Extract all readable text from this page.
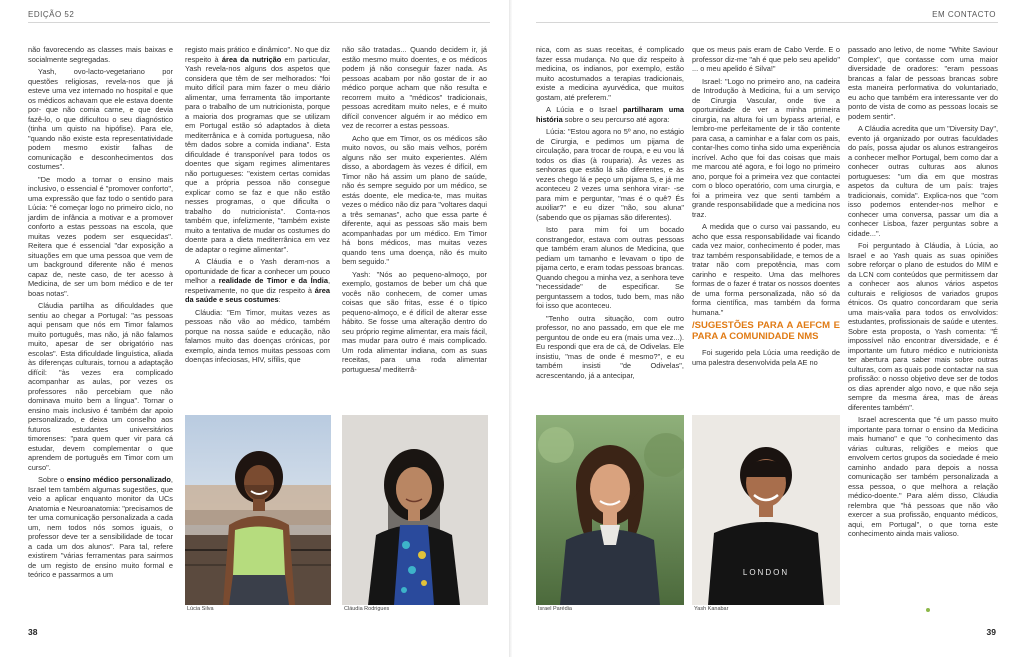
EDIÇÃO 52

não favorecendo as classes mais baixas e socialmente segregadas.

Yash, ovo-lacto-vegetariano por questões religiosas, revela-nos que já esteve uma vez internado no hospital e que os médicos achavam que ele estava doente por- que não comia carne, e que devia fazê-lo, o que dificultou o seu diagnóstico (tinha um quisto na hipófise). Para ele, "quando não existe esta representatividade podem mesmo existir falhas de comunicação e desconhecimentos dos costumes".

"De modo a tornar o ensino mais inclusivo, o essencial é "promover conforto", uma expressão que faz todo o sentido para Lúcia: "é começar logo no primeiro ciclo, no jardim de infância a motivar e a promover conforto a estas pessoas na escola, que muitas vezes podem ser esquecidas". Reitera que é essencial "dar exposição a situações em que uma pessoa que vem de um background diferente não é menos capaz de, neste caso, de ter acesso à Medicina, de ser um bom médico e de ter boas notas".

Cláudia partilha as dificuldades que sentiu ao chegar a Portugal: "as pessoas aqui pensam que nós em Timor falamos muito português, mas não, já não falamos muito, apesar de ser obrigatório nas escolas". Esta dificuldade linguística, aliada às diferenças culturais, tornou a adaptação difícil: "às vezes era complicado acompanhar as aulas, por vezes os professores não percebiam que não dominava muito bem a língua". Tornar o ensino mais inclusivo é também dar apoio personalizado, e deixa um conselho aos futuros estudantes universitários timorenses: "para quem quer vir para cá estudar, devem complementar o que aprendem de português em Timor com um curso".

Sobre o ensino médico personalizado, Israel tem também algumas sugestões, que veio a aplicar enquanto monitor da UCs Anatomia e Neuroanatomia: "precisamos de ter uma comunicação personalizada a cada um, nem todos nós somos iguais, o professor deve ter a sensibilidade de tocar a cada um dos alunos". Para tal, refere existirem "várias ferramentas para sairmos de um registo de ensino muito formal e teórico e passarmos a um

registo mais prático e dinâmico". No que diz respeito à área da nutrição em particular, Yash revela-nos alguns dos aspetos que considera que têm de ser melhorados: "foi muito difícil para mim fazer o meu diário alimentar, uma ferramenta tão importante para o trabalho de um nutricionista, porque a maioria dos programas que se utilizam em Portugal estão só adaptados à dieta mediterrânica e à comida portuguesa, não têm dados sobre a comida indiana". Esta dificuldade é transponível para todos os doentes que sigam regimes alimentares não portugueses: "existem certas comidas que a própria pessoa não consegue explicar como se faz e que não estão nesses programas, o que dificulta o trabalho do nutricionista". Conta-nos também que, infelizmente, "também existe muito a tentativa de mudar os costumes do doente para a dieta mediterrânica em vez de adaptar o regime alimentar".

A Cláudia e o Yash deram-nos a oportunidade de ficar a conhecer um pouco melhor a realidade de Timor e da Índia, respetivamente, no que diz respeito à área da saúde e seus costumes:

Cláudia: "Em Timor, muitas vezes as pessoas não vão ao médico, também porque na nossa saúde e educação, não falamos muito das doenças crónicas, por exemplo, ainda temos muitas pessoas com doenças infeciosas, HIV, sífilis, que

não são tratadas... Quando decidem ir, já estão mesmo muito doentes, e os médicos podem já não conseguir fazer nada. As pessoas acabam por não gostar de ir ao médico porque acham que não resulta e recorrem muito a "médicos" tradicionais, pessoas acreditam muito neles, e é muito difícil convencer alguém ir ao médico em vez de recorrer a estas pessoas.

Acho que em Timor, os os médicos são muito novos, ou são mais velhos, porém alguns não ser muito experientes. Além disso, a abordagem às vezes é difícil, em Timor não há assim um plano de saúde, não és sempre seguido por um médico, se estás doente, ele medica-te, mas muitas vezes o médico não diz para "voltares daqui a três semanas", acho que essa parte é diferente, aqui as pessoas são mais bem acompanhadas por um médico. Em Timor há bons médicos, mas muitas vezes quando tens uma doença, não és muito bem seguido."

Yash: "Nós ao pequeno-almoço, por exemplo, gostamos de beber um chá que vocês não conhecem, de comer umas coisas que são fritas, esse é o típico pequeno-almoço, e é difícil de alterar esse hábito. Se fosse uma alteração dentro do seu próprio regime alimentar, era mais fácil, mas mudar para outro é mais complicado. Um roda alimentar indiana, com as suas receitas, para uma roda alimentar portuguesa/ mediterrâ-

Lúcia Silva	Cláudia Rodrigues
38
EM CONTACTO

nica, com as suas receitas, é complicado fazer essa mudança. No que diz respeito à medicina, os indianos, por exemplo, estão muito acostumados a terapias tradicionais, existe a medicina ayurvédica, que muitos gostam, até preferem."

A Lúcia e o Israel partilharam uma história sobre o seu percurso até agora:

Lúcia: "Estou agora no 5º ano, no estágio de Cirurgia, e pedimos um pijama de circulação, para trocar de roupa, e eu vou lá todos os dias (à rouparia). Às vezes as senhoras que estão lá são diferentes, e às vezes chego lá e peço um pijama S, e já me aconteceu 2 vezes uma senhora virar- -se para mim e perguntar, "mas é o quê? És auxiliar?" e eu dizer "não, sou aluna" (sabendo que os pijamas são diferentes).

Isto para mim foi um bocado constrangedor, estava com outras pessoas que também eram alunos de Medicina, que pediam um tamanho e levavam o tipo de pijama certo, e eram todas pessoas brancas. Quando chegou a minha vez, a senhora teve "necessidade" de especificar. Se perguntassem a todos, tudo bem, mas não foi isso que aconteceu.

"Tenho outra situação, com outro professor, no ano passado, em que ele me perguntou de onde eu era (mais uma vez...). Eu respondi que era de cá, de Odivelas. Ele insistiu, "mas de onde é mesmo?", e eu também insisti "de Odivelas", acrescentando, já a antecipar,

que os meus pais eram de Cabo Verde. E o professor diz-me "ah é que pelo seu apelido" ... o meu apelido é Silva!"

Israel: "Logo no primeiro ano, na cadeira de Introdução à Medicina, fui a um serviço de Cirurgia Vascular, onde tive a oportunidade de ver a minha primeira cirurgia, na altura foi um bypass arterial, e lembro-me perfeitamente de ir tão contente para casa, a caminhar e a falar com os pais, contar-lhes como tinha sido uma experiência incrível. Acho que foi das coisas que mais me marcou até agora, e foi logo no primeiro ano, porque foi a primeira vez que contactei com o bloco operatório, com uma cirurgia, e foi a primeira vez que senti também a grande responsabilidade que a medicina nos traz.

A medida que o curso vai passando, eu acho que essa responsabilidade vai ficando cada vez maior, conhecimento é poder, mas traz também responsabilidade, e temos de a tratar não com prepotência, mas com carinho e respeito. Uma das melhores formas de o fazer é tratar os nossos doentes de uma forma personalizada, não só da forma científica, mas também da forma humana."

/SUGESTÕES PARA A AEFCM E PARA A COMUNIDADE NMS

Foi sugerido pela Lúcia uma reedição de uma palestra desenvolvida pela AE no

passado ano letivo, de nome "White Saviour Complex", que contasse com uma maior diversidade de oradores: "eram pessoas brancas a falar de pessoas brancas sobre esta maneira performativa do voluntariado, eu acho que também era interessante ver do ponto de vista de como as pessoas locais se podem sentir".

A Cláudia acredita que um "Diversity Day", evento já organizado por outras faculdades do país, possa ajudar os alunos estrangeiros a conhecer melhor Portugal, bem como dar a conhecer outras culturas aos alunos portugueses: "um dia em que mostras aspetos da cultura de um país: trajes tradicionais, comida". Explica-nos que "com isso podemos entender-nos melhor e conhecer uma conversa, passar um dia a conhecer Lisboa, fazer perguntas sobre a cidade...".

Foi perguntado à Cláudia, à Lúcia, ao Israel e ao Yash quais as suas opiniões sobre reforçar o plano de estudos do MIM e da LCN com conteúdos que permitissem dar a conhecer aos alunos vários aspetos culturais e religiosos de variados grupos étnicos. Os quatro concordaram que seria uma mais-valia para todos os envolvidos: estudantes, profissionais de saúde e utentes. Sobre esta proposta, o Yash comenta: "É impossível não encontrar diversidade, e é importante um futuro médico e nutricionista ter abertura para saber mais sobre outras culturas, com as quais pode contactar na sua profissão: o nosso objetivo deve ser de todos os dias aprender algo novo, e que não seja sempre da mesma área, mas de áreas diferentes também".

Israel acrescenta que "é um passo muito importante para tornar o ensino da Medicina mais humano" e que "o conhecimento das várias culturas, religiões e meios que envolvem certos grupos da sociedade é meio caminho andado para depois a nossa comunicação ser também personalizada a essa pessoa, o que melhora a relação médico-doente." Para além disso, Cláudia relembra que "há pessoas que não vão exercer a sua profissão, enquanto médicos, aqui, em Portugal", o que torna este conhecimento ainda mais valioso.

Israel Parédia
LONDON
Yash Kanabar
39
